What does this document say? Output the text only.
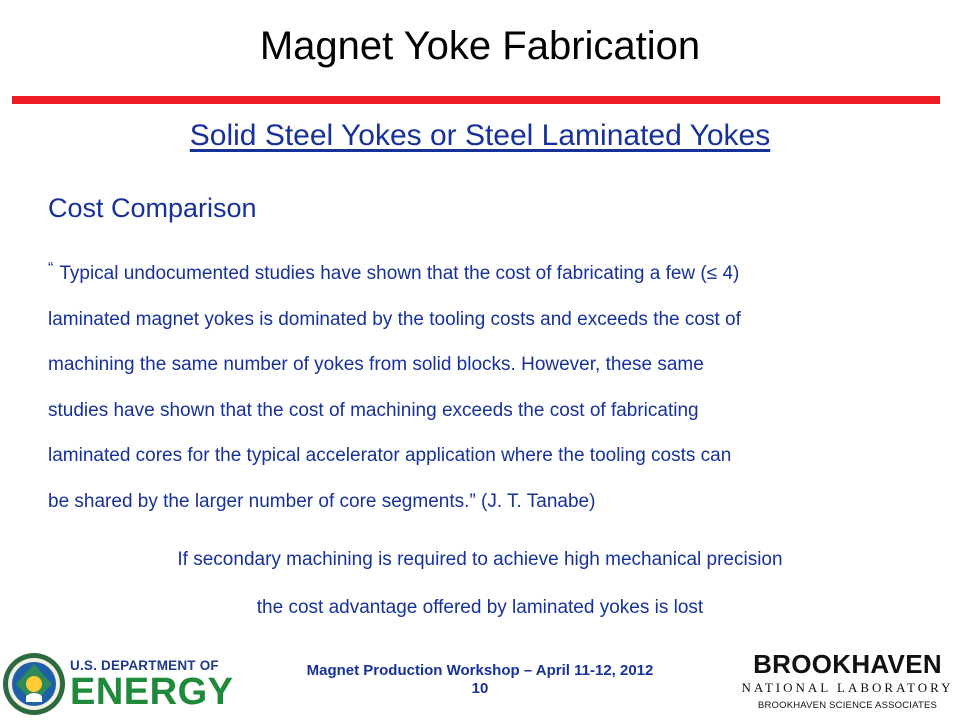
Magnet Yoke Fabrication
Solid Steel Yokes or Steel Laminated Yokes
Cost Comparison
“ Typical undocumented studies have shown that the cost of fabricating a few (≤ 4)
laminated magnet yokes is dominated by the tooling costs and exceeds the cost of
machining the same number of yokes from solid blocks. However, these same
studies have shown that the cost of machining exceeds the cost of fabricating
laminated cores for the typical accelerator application where the tooling costs can
be shared by the larger number of core segments.” (J. T. Tanabe)
If secondary machining is required to achieve high mechanical precision
the cost advantage offered by laminated yokes is lost
U.S. DEPARTMENT OF
ENERGY
Magnet Production Workshop – April 11-12, 2012
10
BROOKHAVEN
NATIONAL LABORATORY
BROOKHAVEN SCIENCE ASSOCIATES
